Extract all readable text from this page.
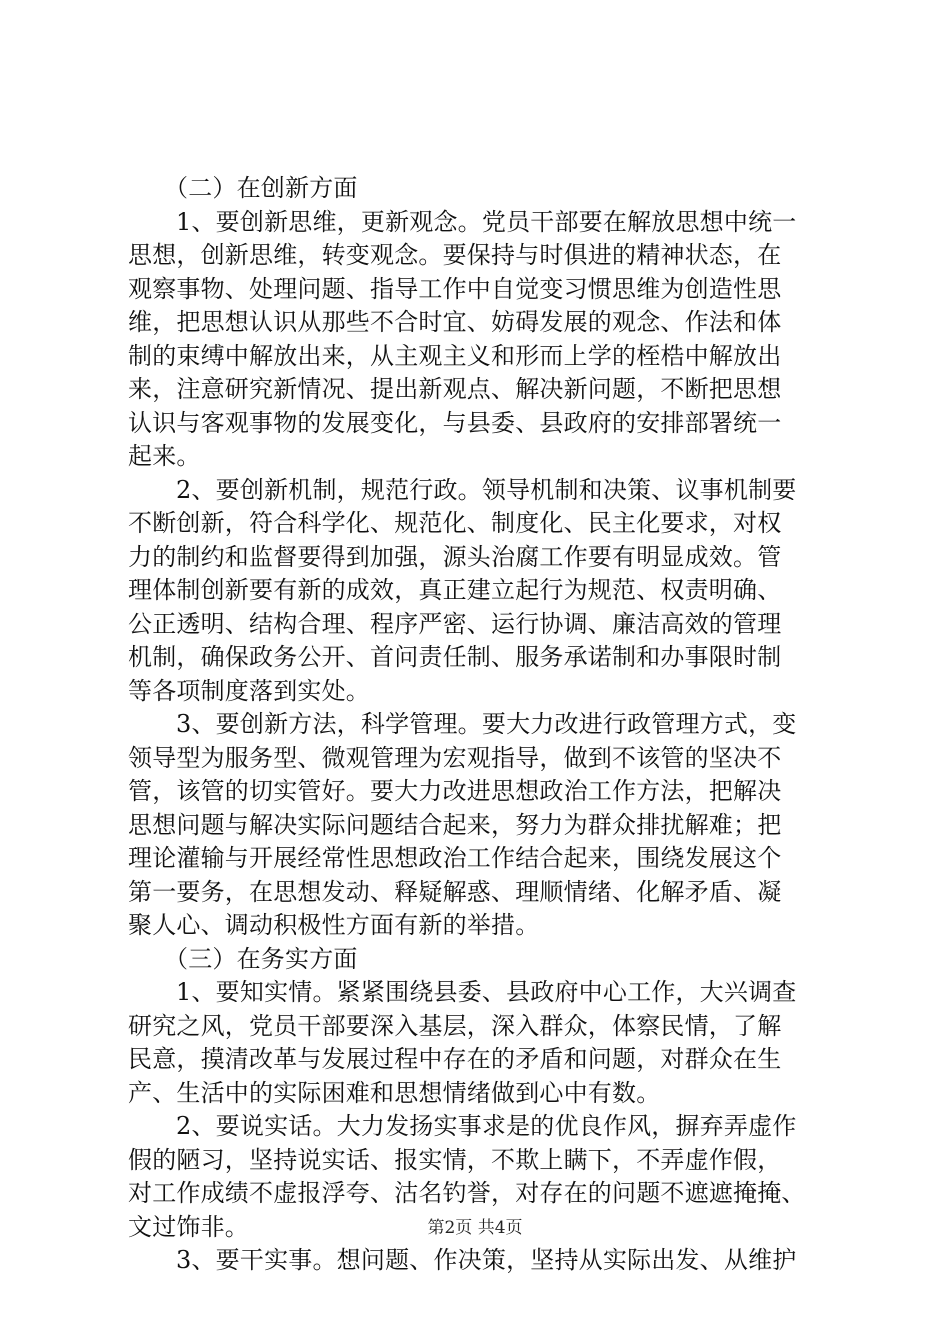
（二）在创新方面
1、要创新思维，更新观念。党员干部要在解放思想中统一
思想，创新思维，转变观念。要保持与时俱进的精神状态，在
观察事物、处理问题、指导工作中自觉变习惯思维为创造性思
维，把思想认识从那些不合时宜、妨碍发展的观念、作法和体
制的束缚中解放出来，从主观主义和形而上学的桎梏中解放出
来，注意研究新情况、提出新观点、解决新问题，不断把思想
认识与客观事物的发展变化，与县委、县政府的安排部署统一
起来。
2、要创新机制，规范行政。领导机制和决策、议事机制要
不断创新，符合科学化、规范化、制度化、民主化要求，对权
力的制约和监督要得到加强，源头治腐工作要有明显成效。管
理体制创新要有新的成效，真正建立起行为规范、权责明确、
公正透明、结构合理、程序严密、运行协调、廉洁高效的管理
机制，确保政务公开、首问责任制、服务承诺制和办事限时制
等各项制度落到实处。
3、要创新方法，科学管理。要大力改进行政管理方式，变
领导型为服务型、微观管理为宏观指导，做到不该管的坚决不
管，该管的切实管好。要大力改进思想政治工作方法，把解决
思想问题与解决实际问题结合起来，努力为群众排扰解难；把
理论灌输与开展经常性思想政治工作结合起来，围绕发展这个
第一要务，在思想发动、释疑解惑、理顺情绪、化解矛盾、凝
聚人心、调动积极性方面有新的举措。
（三）在务实方面
1、要知实情。紧紧围绕县委、县政府中心工作，大兴调查
研究之风，党员干部要深入基层，深入群众，体察民情，了解
民意，摸清改革与发展过程中存在的矛盾和问题，对群众在生
产、生活中的实际困难和思想情绪做到心中有数。
2、要说实话。大力发扬实事求是的优良作风，摒弃弄虚作
假的陋习，坚持说实话、报实情，不欺上瞒下，不弄虚作假，
对工作成绩不虚报浮夸、沽名钓誉，对存在的问题不遮遮掩掩、
文过饰非。
3、要干实事。想问题、作决策，坚持从实际出发、从维护
第2页 共4页
